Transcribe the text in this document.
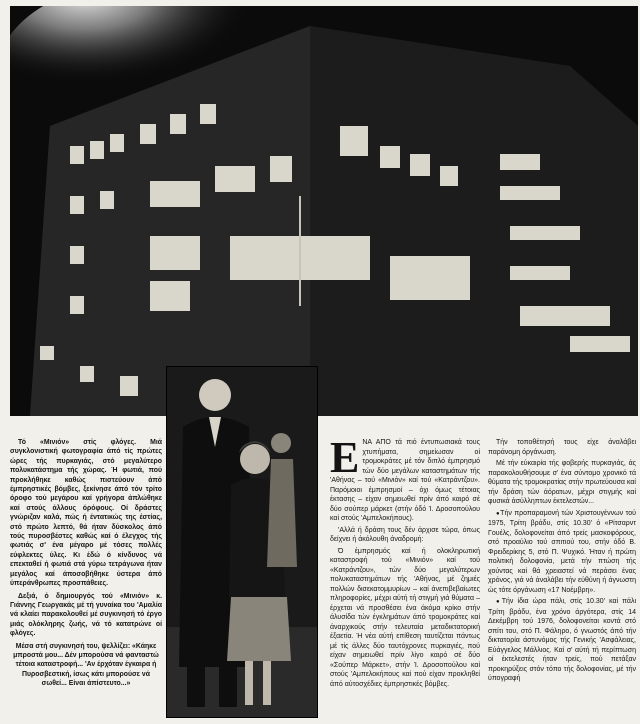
Τό «Μινιόν» στίς φλόγες. Μιά συγκλονιστική φωτογραφία άπό τίς πρώτες ώρες τής πυρκαγιάς, στό μεγαλύτερο πολυκατάστημα τής χώρας. Ή φωτιά, πού προκλήθηκε καθώς πιστεύουν άπό έμπρηστικές βόμβες, ξεκίνησε άπό τόν τρίτο όροφο τού μεγάρου καί γρήγορα άπλώθηκε καί στούς άλλους όρόφους. Οί δράστες γνώριζαν καλά, πώς ή έντατικώς της έστίας, στό πρώτο λεπτό, θά ήταν δύσκολος άπό τούς πυροσβέστες καθώς καί ό έλεγχος τής φωτιάς σ' ένα μέγαρο μέ τόσες πολλές εύφλεκτες ύλες. Κι έδώ ό κίνδυνος νά επεκταθεί ή φωτιά στά γύρω τετράγωνα ήταν μεγάλος καί άποσοβήθηκε ύστερα άπό ύπεράνθρωπες προσπάθειες.

Δεξιά, ό δημιουργός τού «Μινιόν» κ. Γιάννης Γεωργακάς μέ τή γυναίκα του 'Αμαλία νά κλαίει παρακολουθεί μέ συγκινησή τό έργο μιάς ολόκληρης ζωής, νά τό κατατρώνε οί φλόγες.

Μέσα στή συγκινησή του, ψελλίζει: «Κάηκε μπροστά μου... Δέν μπορούσα νά φανταστώ τέτοια καταστροφή... 'Αν έρχόταν έγκαιρα ή Πυροσβεστική, ίσως κάτι μπορούσε νά σωθεί... Είναι άπίστευτο...»

ΕΝΑ ΑΠΟ τά πιό έντυπωσιακά τους χτυπήματα, σημείωσαν οί τρομοκράτες μέ τόν διπλό έμπρησμό τών δύο μεγάλων καταστημάτων τής 'Αθήνας – τού «Μινιόν» καί τού «Κατράντζου». Παρόμοιοι έμπρησμοί – όχι όμως τέτοιας έκτασης – είχαν σημειωθεί πρίν άπό καιρό σέ δύο σούπερ μάρκετ (στήν όδό Ί. Δροσοπούλου καί στούς 'Αμπελοκήπους).

'Αλλά ή δράση τους δέν άρχισε τώρα, όπως δείχνει ή άκόλουθη άναδρομή:

Ό έμπρησμός καί ή ολοκληρωτική καταστροφή τού «Μινιόν» καί τού «Κατράντζου», τών δύο μεγαλύτερων πολυκαταστημάτων τής 'Αθήνας, μέ ζημιές πολλών δισεκατομμυρίων – καί άνεπιβεβαίωτες πληροφορίες, μέχρι αύτή τή στιγμή γιά θύματα – έρχεται νά προσθέσει ένα άκόμα κρίκο στήν άλυσίδα τών έγκλημάτων άπό τρομοκράτες καί άναρχικούς στήν τελευταία μεταδικτατορική έξαετία. Ή νέα αύτή επίθεση ταυτίζεται πάντως μέ τίς άλλες δύο ταυτόχρονες πυρκαγιές, πού είχαν σημειωθεί πρίν λίγο καιρό σέ δύο «Σούπερ Μάρκετ», στήν Ί. Δροσοπούλου καί στούς 'Αμπελοκήπους καί πού είχαν προκληθεί άπό αύτοσχέδιες έμπρηστικές βόμβες.

Τήν τοποθέτησή τους είχε άναλάβει παράνομη όργάνωση.

Μέ τήν εύκαιρία τής φοβερής πυρκαγιάς, άς παρακολουθήσουμε σ' ένα σύντομο χρονικό τά θύματα τής τρομοκρατίας στήν πρωτεύουσα καί τήν δράση τών άόρατων, μέχρι στιγμής καί φυσικά άσύλληπτων έκτελεστών...

● Τήν προπαραμονή τών Χριστουγέννων τού 1975, Τρίτη βράδυ, στίς 10.30' ό «Ρίτσαρντ Γουέλς, δολοφονείται άπό τρείς μασκοφόρους, στό προαύλιο τού σπιτιού του, στήν όδό Β. Φρειδερίκης 5, στό Π. Ψυχικό. Ήταν ή πρώτη πολιτική δολοφονία, μετά τήν πτώση τής χούντας καί θά χρειαστεί νά περάσει ένας χρόνος, γιά νά άναλάβει τήν εύθύνη ή άγνωστη ώς τότε όργάνωση «17 Νοέμβρη».

● Τήν ίδια ώρα πάλι, στίς 10.30' καί πάλι Τρίτη βράδυ, ένα χρόνο άργότερα, στίς 14 Δεκέμβρη τού 1976, δολοφονείται κοντά στό σπίτι του, στό Π. Φάληρο, ό γνωστός άπό τήν δικτατορία άστυνόμος τής Γενικής 'Ασφάλειας, Εύάγγελος Μάλλιος. Καί σ' αύτή τή περίπτωση οί έκτελεστές ήταν τρείς, πού πετάξαν προκηρύξεις στόν τόπο τής δολοφονίας, μέ τήν ύπογραφή
